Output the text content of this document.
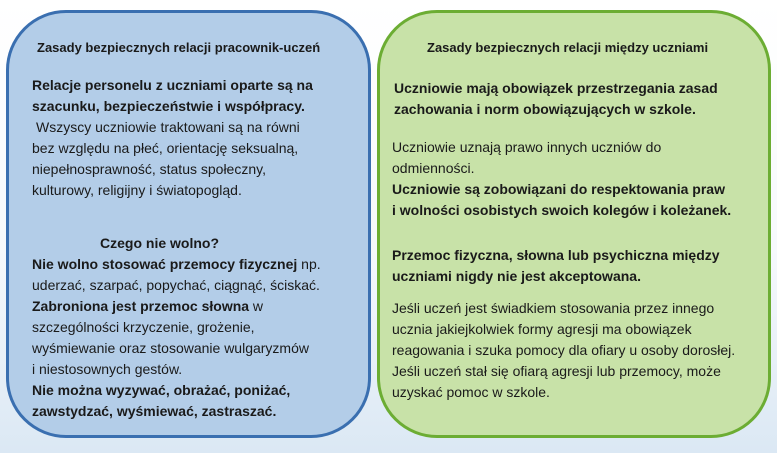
Zasady bezpiecznych relacji pracownik-uczeń
Relacje personelu z uczniami oparte są na
szacunku, bezpieczeństwie i współpracy.
Wszyscy uczniowie traktowani są na równi
bez względu na płeć, orientację seksualną,
niepełnosprawność, status społeczny,
kulturowy, religijny i światopogląd.
Czego nie wolno?
Nie wolno stosować przemocy fizycznej np.
uderzać, szarpać, popychać, ciągnąć, ściskać.
Zabroniona jest przemoc słowna w
szczególności krzyczenie, grożenie,
wyśmiewanie oraz stosowanie wulgaryzmów
i niestosownych gestów.
Nie można wyzywać, obrażać, poniżać,
zawstydzać, wyśmiewać, zastraszać.
Zasady bezpiecznych relacji między uczniami
Uczniowie mają obowiązek przestrzegania zasad
zachowania i norm obowiązujących w szkole.
Uczniowie uznają prawo innych uczniów do
odmienności.
Uczniowie są zobowiązani do respektowania praw
i wolności osobistych swoich kolegów i koleżanek.
Przemoc fizyczna, słowna lub psychiczna między
uczniami nigdy nie jest akceptowana.
Jeśli uczeń jest świadkiem stosowania przez innego
ucznia jakiejkolwiek formy agresji ma obowiązek
reagowania i szuka pomocy dla ofiary u osoby dorosłej.
Jeśli uczeń stał się ofiarą agresji lub przemocy, może
uzyskać pomoc w szkole.
